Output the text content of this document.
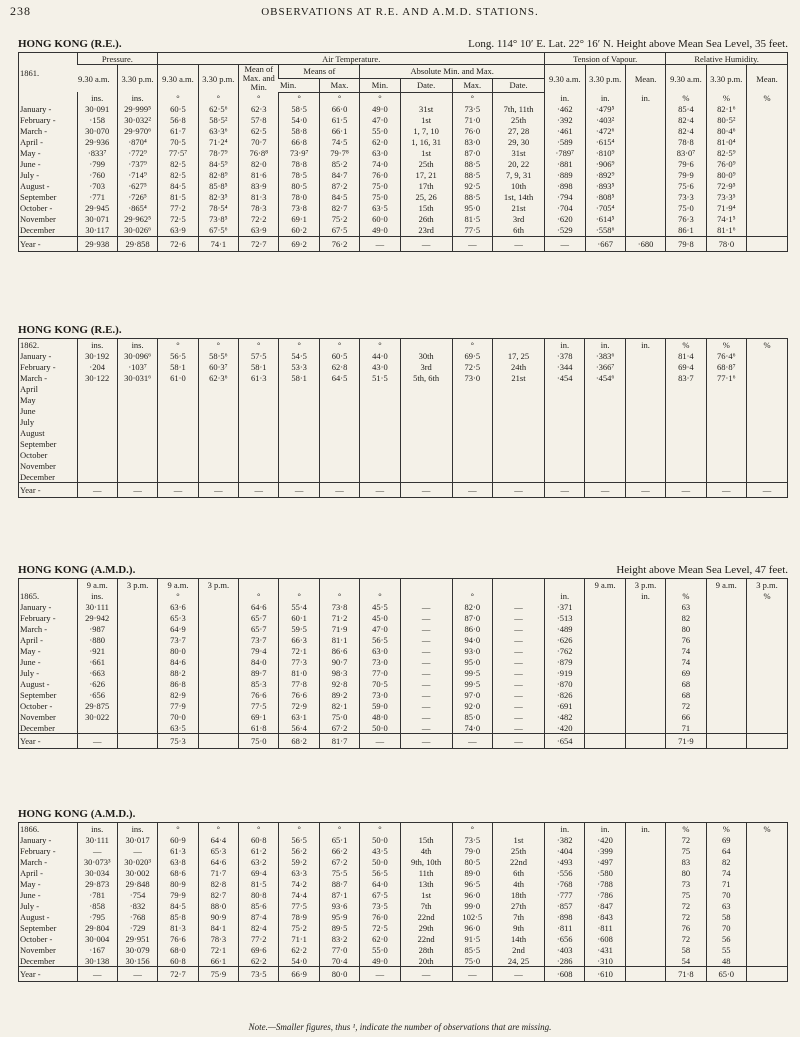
238	OBSERVATIONS AT R.E. AND A.M.D. STATIONS.
HONG KONG (R.E.).	Long. 114° 10′ E. Lat. 22° 16′ N. Height above Mean Sea Level, 35 feet.
1861.	Pressure.		Air Temperature.									Tension of Vapour.			Relative Humidity.		
	9.30 a.m.	3.30 p.m.	9.30 a.m.	3.30 p.m.	Mean of Max. and Min.	Means of		Absolute Min. and Max.				9.30 a.m.	3.30 p.m.	Mean.	9.30 a.m.	3.30 p.m.	Mean.
						Min.	Max.	Min.	Date.	Max.	Date.						
	ins.	ins.	°	°	°	°	°	°		°		in.	in.	in.	%	%	%
January -	30·091	29·999⁵	60·5	62·5⁶	62·3	58·5	66·0	49·0	31st	73·5	7th, 11th	·462	·479⁵		85·4	82·1⁶	
February -	·158	30·032²	56·8	58·5²	57·8	54·0	61·5	47·0	1st	71·0	25th	·392	·403²		82·4	80·5²	
March -	30·070	29·970⁶	61·7	63·3⁶	62·5	58·8	66·1	55·0	1, 7, 10	76·0	27, 28	·461	·472⁶		82·4	80·4⁶	
April -	29·936	·870⁴	70·5	71·2⁴	70·7	66·8	74·5	62·0	1, 16, 31	83·0	29, 30	·589	·615⁴		78·8	81·0⁴	
May -	·833⁷	·772⁹	77·5⁷	78·7⁹	76·8⁸	73·9⁷	79·7⁸	63·0	1st	87·0	31st	·789⁷	·810⁹		83·0⁷	82·5⁹	
June -	·799	·737⁹	82·5	84·5⁹	82·0	78·8	85·2	74·0	25th	88·5	20, 22	·881	·906⁹		79·6	76·0⁹	
July -	·760	·714⁹	82·5	82·8⁹	81·6	78·5	84·7	76·0	17, 21	88·5	7, 9, 31	·889	·892⁹		79·9	80·0⁹	
August -	·703	·627⁵	84·5	85·8⁵	83·9	80·5	87·2	75·0	17th	92·5	10th	·898	·893⁵		75·6	72·9⁵	
September	·771	·726⁵	81·5	82·3⁵	81·3	78·0	84·5	75·0	25, 26	88·5	1st, 14th	·794	·808⁵		73·3	73·3⁵	
October -	29·945	·865⁴	77·2	78·5⁴	78·3	73·8	82·7	63·5	15th	95·0	21st	·704	·705⁴		75·0	71·9⁴	
November	30·071	29·962⁵	72·5	73·8⁵	72·2	69·1	75·2	60·0	26th	81·5	3rd	·620	·614⁵		76·3	74·1⁵	
December	30·117	30·026⁶	63·9	67·5⁶	63·9	60·2	67·5	49·0	23rd	77·5	6th	·529	·558⁶		86·1	81·1⁶	
Year -	29·938	29·858	72·6	74·1	72·7	69·2	76·2	—	—	—	—	—	·667	·680	79·8	78·0	
HONG KONG (R.E.).
1862.	ins.	ins.	°	°	°	°	°	°		°		in.	in.	in.	%	%	%
January -	30·192	30·096⁶	56·5	58·5⁶	57·5	54·5	60·5	44·0	30th	69·5	17, 25	·378	·383⁶		81·4	76·4⁶	
February -	·204	·103⁷	58·1	60·3⁷	58·1	53·3	62·8	43·0	3rd	72·5	24th	·344	·366⁷		69·4	68·8⁷	
March -	30·122	30·031⁶	61·0	62·3⁶	61·3	58·1	64·5	51·5	5th, 6th	73·0	21st	·454	·454⁶		83·7	77·1⁶	
April																	
May																	
June																	
July																	
August																	
September																	
October																	
November																	
December																	
Year -	—	—	—	—	—	—	—	—	—	—	—	—	—	—	—	—	—
HONG KONG (A.M.D.).	Height above Mean Sea Level, 47 feet.
	9 a.m.	3 p.m.	9 a.m.	3 p.m.									9 a.m.	3 p.m.		9 a.m.	3 p.m.
1865.	ins.		°		°	°	°	°		°		in.		in.	%		%
January -	30·111		63·6		64·6	55·4	73·8	45·5	—	82·0	—	·371			63		
February -	29·942		65·3		65·7	60·1	71·2	45·0	—	87·0	—	·513			82		
March -	·987		64·9		65·7	59·5	71·9	47·0	—	86·0	—	·489			80		
April -	·880		73·7		73·7	66·3	81·1	56·5	—	94·0	—	·626			76		
May -	·921		80·0		79·4	72·1	86·6	63·0	—	93·0	—	·762			74		
June -	·661		84·6		84·0	77·3	90·7	73·0	—	95·0	—	·879			74		
July -	·663		88·2		89·7	81·0	98·3	77·0	—	99·5	—	·919			69		
August -	·626		86·8		85·3	77·8	92·8	70·5	—	99·5	—	·870			68		
September	·656		82·9		76·6	76·6	89·2	73·0	—	97·0	—	·826			68		
October -	29·875		77·9		77·5	72·9	82·1	59·0	—	92·0	—	·691			72		
November	30·022		70·0		69·1	63·1	75·0	48·0	—	85·0	—	·482			66		
December			63·5		61·8	56·4	67·2	50·0	—	74·0	—	·420			71		
Year -	—		75·3		75·0	68·2	81·7	—	—	—	—	·654			71·9		
HONG KONG (A.M.D.).
1866.	ins.	ins.	°	°	°	°	°	°		°		in.	in.	in.	%	%	%
January -	30·111	30·017	60·9	64·4	60·8	56·5	65·1	50·0	15th	73·5	1st	·382	·420		72	69	
February -	—	—	61·3	65·3	61·2	56·2	66·2	43·5	4th	79·0	25th	·404	·399		75	64	
March -	30·073³	30·020³	63·8	64·6	63·2	59·2	67·2	50·0	9th, 10th	80·5	22nd	·493	·497		83	82	
April -	30·034	30·002	68·6	71·7	69·4	63·3	75·5	56·5	11th	89·0	6th	·556	·580		80	74	
May -	29·873	29·848	80·9	82·8	81·5	74·2	88·7	64·0	13th	96·5	4th	·768	·788		73	71	
June -	·781	·754	79·9	82·7	80·8	74·4	87·1	67·5	1st	96·0	18th	·777	·786		75	70	
July -	·858	·832	84·5	88·0	85·6	77·5	93·6	73·5	7th	99·0	27th	·857	·847		72	63	
August -	·795	·768	85·8	90·9	87·4	78·9	95·9	76·0	22nd	102·5	7th	·898	·843		72	58	
September	29·804	·729	81·3	84·1	82·4	75·2	89·5	72·5	29th	96·0	9th	·811	·811		76	70	
October -	30·004	29·951	76·6	78·3	77·2	71·1	83·2	62·0	22nd	91·5	14th	·656	·608		72	56	
November	·167	30·079	68·0	72·1	69·6	62·2	77·0	55·0	28th	85·5	2nd	·403	·431		58	55	
December	30·138	30·156	60·8	66·1	62·2	54·0	70·4	49·0	20th	75·0	24, 25	·286	·310		54	48	
Year -	—	—	72·7	75·9	73·5	66·9	80·0	—	—	—	—	·608	·610		71·8	65·0	
Note.—Smaller figures, thus ¹, indicate the number of observations that are missing.
